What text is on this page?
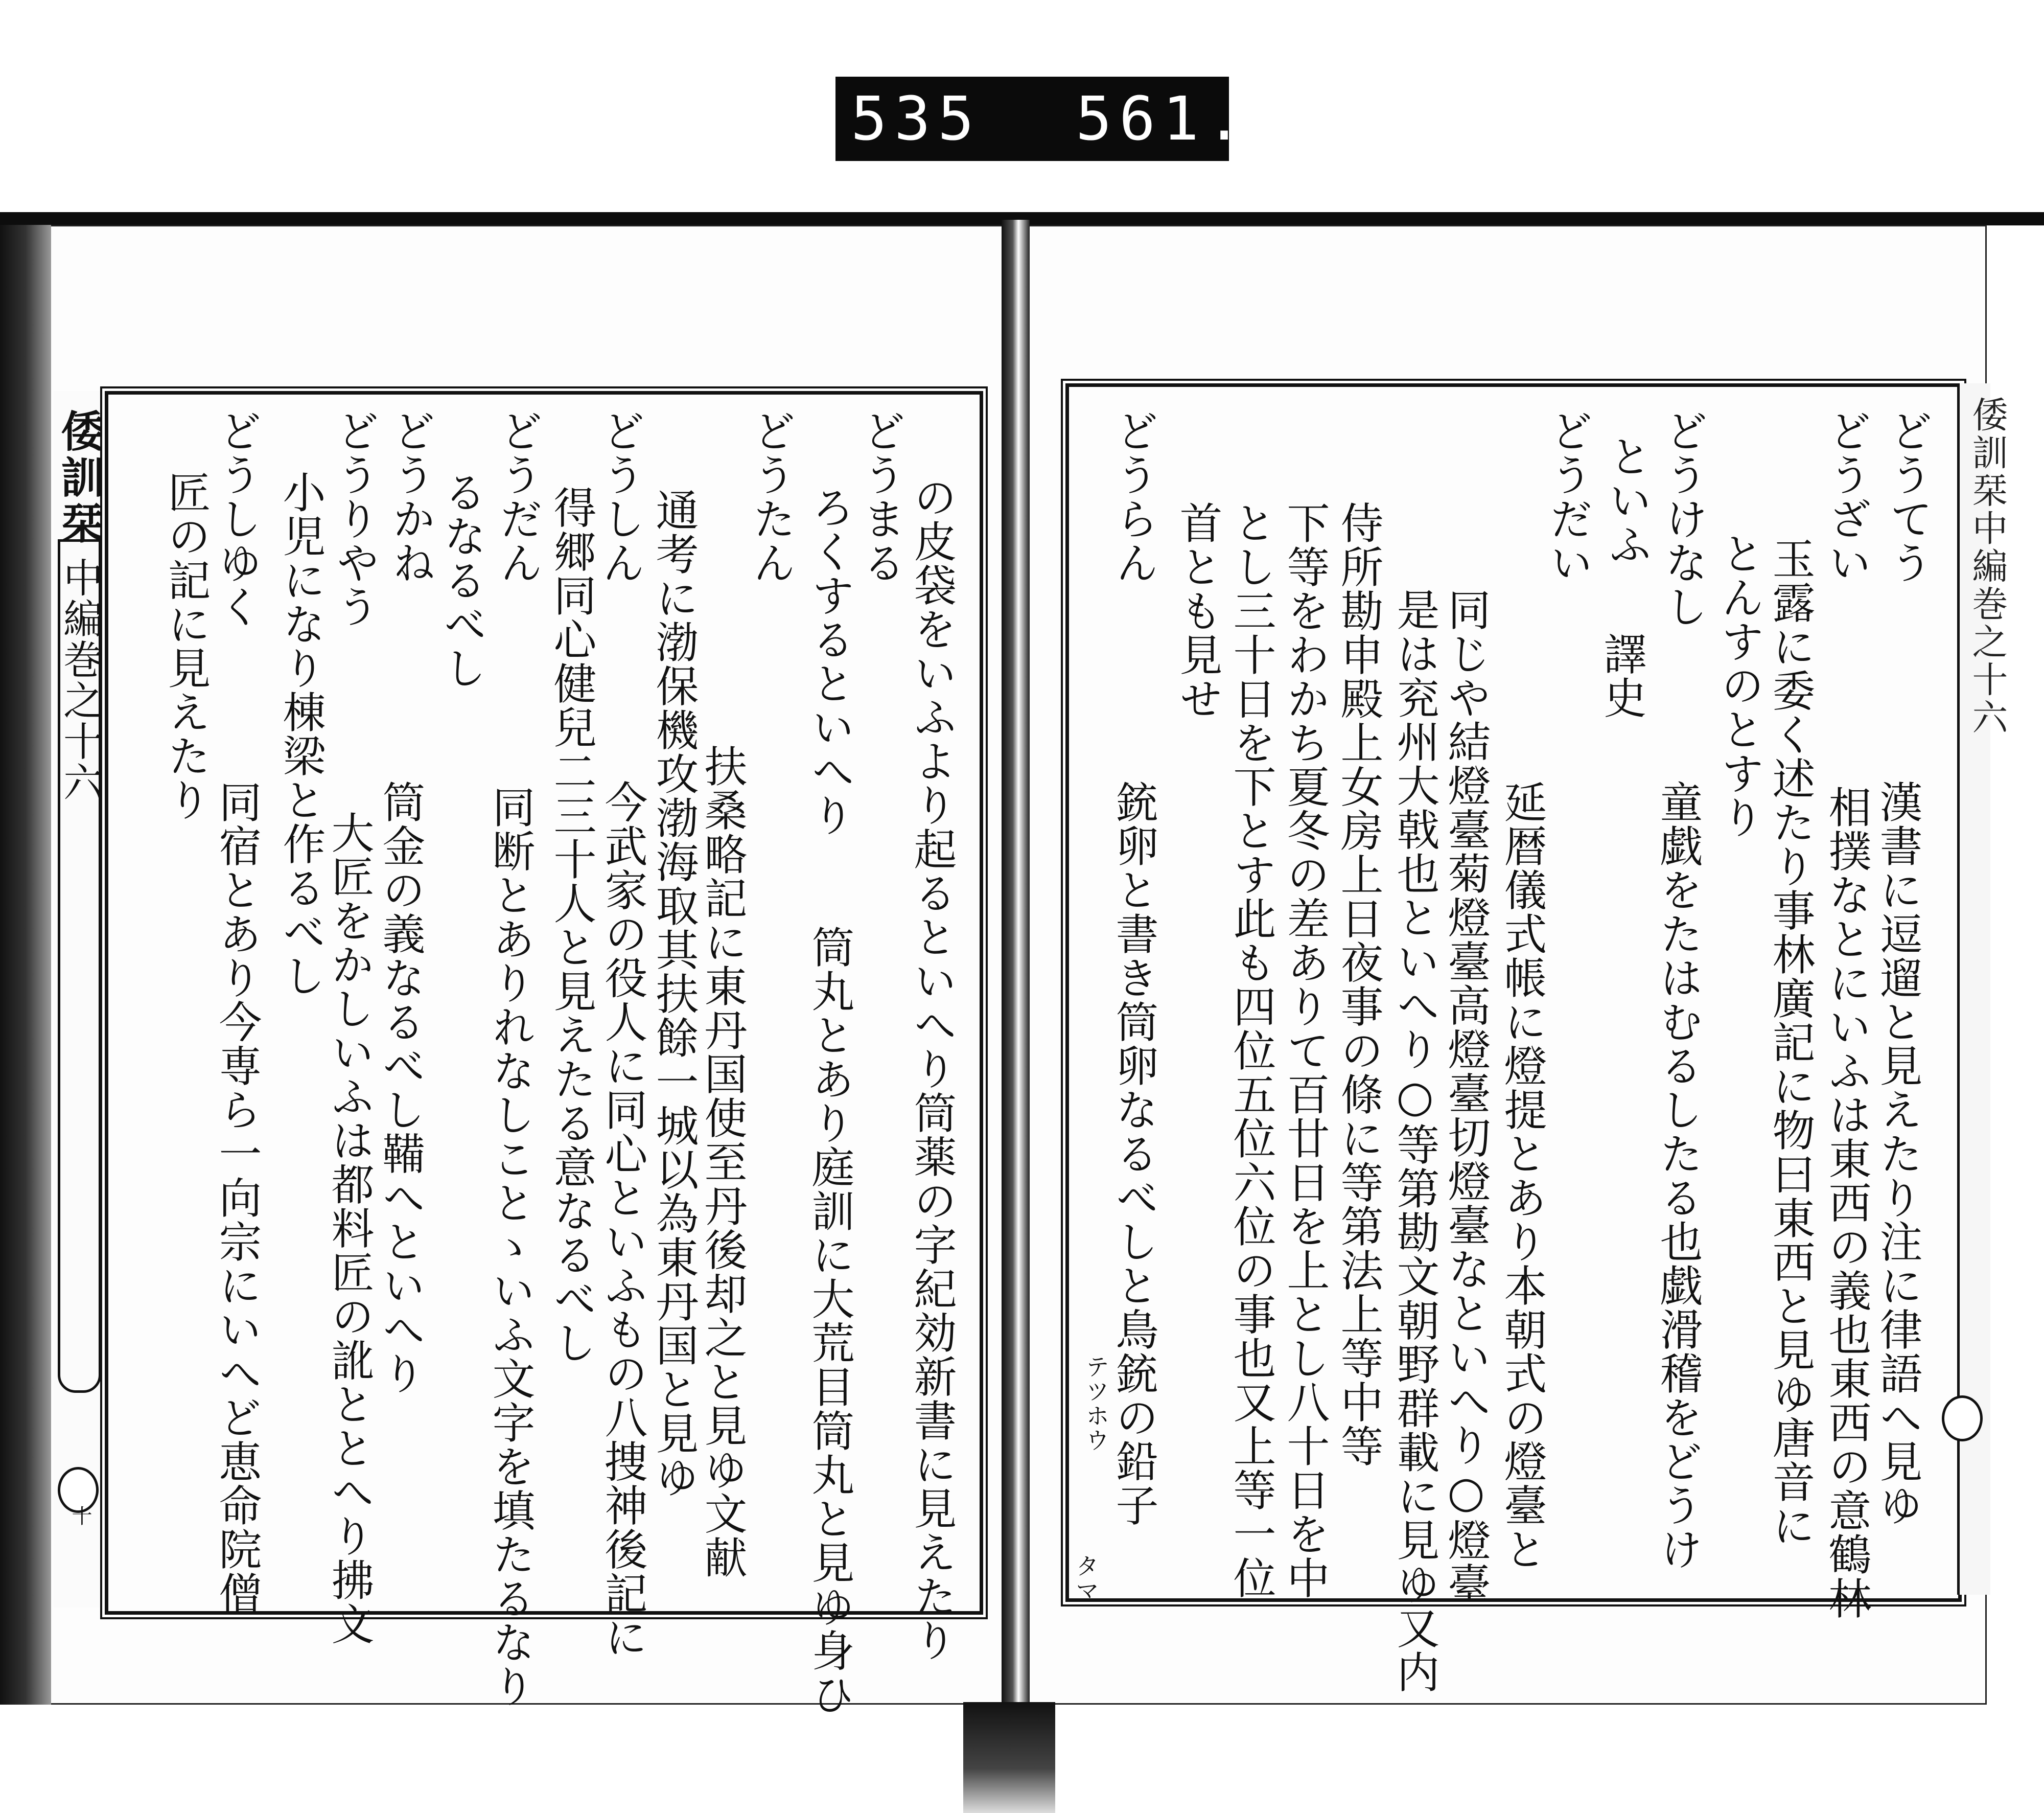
535 561.
倭訓栞
中編巻之十六
十	の皮袋をいふより起るといへり筒薬の字紀効新書に見えたり
どうまる
ろくするといへり　　筒丸とあり庭訓に大荒目筒丸と見ゆ身ひ
どうたん
　扶桑略記に東丹国使至丹後却之と見ゆ文献
通考に渤保機攻渤海取其扶餘一城以為東丹国と見ゆ
どうしん
　今武家の役人に同心といふもの八捜神後記に
得郷同心健兒二三十人と見えたる意なるべし
どうだん
　同断とありれなしことゝいふ文字を填たるなり
るなるべし
どうかね
　筒金の義なるべし鞴へといへり
どうりやう
　大匠をかしいふは都料匠の訛ととへり拂文
小児になり棟梁と作るべし
どうしゆく
　同宿とあり今専ら一向宗にいへど恵命院僧
匠の記に見えたり	倭訓栞中編巻之十六
どうてう
　漢書に逗遛と見えたり注に律語へ見ゆ
どうざい
　相撲なとにいふは東西の義也東西の意鶴林
玉露に委く述たり事林廣記に物曰東西と見ゆ唐音に
とんすのとすり
どうけなし
　童戯をたはむるしたる也戯滑稽をどうけ
といふ
　譯史
どうだい
　延暦儀式帳に燈提とあり本朝式の燈臺と
同じや結燈臺菊燈臺高燈臺切燈臺なといへり○燈臺
是は兖州大戟也といへり○等第勘文朝野群載に見ゆ又内
侍所勘申殿上女房上日夜事の條に等第法上等中等
下等をわかち夏冬の差ありて百廿日を上とし八十日を中
とし三十日を下とす此も四位五位六位の事也又上等一位
首とも見せ
どうらん
　銃卵と書き筒卵なるべしと鳥銃の鉛子
テツホウ
タマ
